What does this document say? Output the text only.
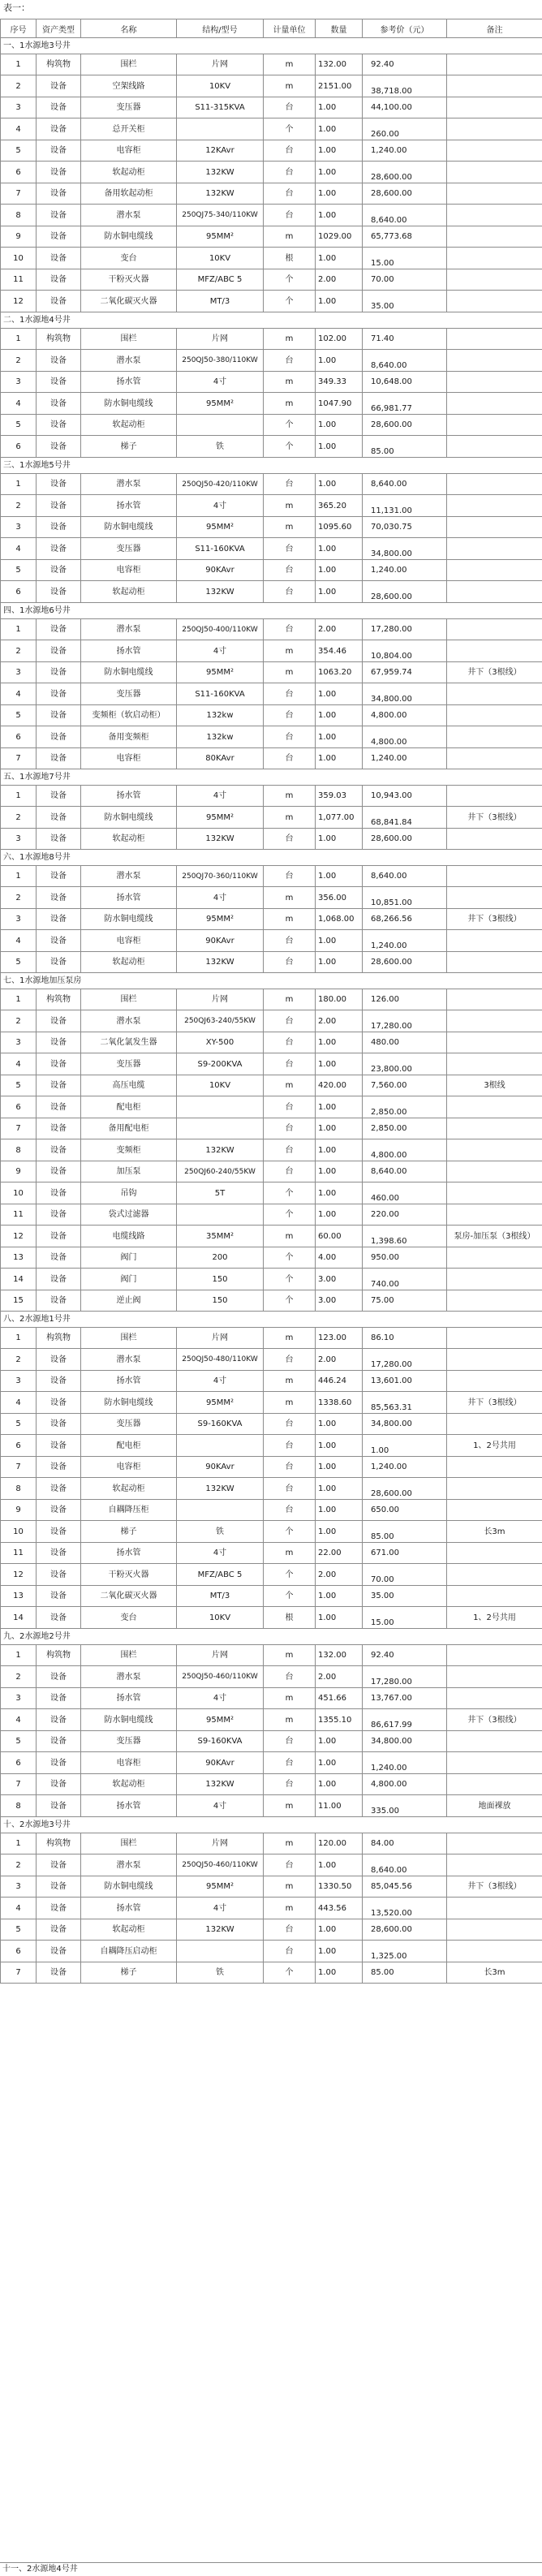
表一：
序号	资产类型	名称	结构/型号	计量单位	数量	参考价（元）	备注
一、1水源地3号井							
1	构筑物	围栏	片网	m	132.00	92.40	
2	设备	空架线路	10KV	m	2151.00	38,718.00	
3	设备	变压器	S11-315KVA	台	1.00	44,100.00	
4	设备	总开关柜		个	1.00	260.00	
5	设备	电容柜	12KAvr	台	1.00	1,240.00	
6	设备	软起动柜	132KW	台	1.00	28,600.00	
7	设备	备用软起动柜	132KW	台	1.00	28,600.00	
8	设备	潜水泵	250QJ75-340/110KW	台	1.00	8,640.00	
9	设备	防水铜电缆线	95MM²	m	1029.00	65,773.68	
10	设备	变台	10KV	根	1.00	15.00	
11	设备	干粉灭火器	MFZ/ABC 5	个	2.00	70.00	
12	设备	二氧化碳灭火器	MT/3	个	1.00	35.00	
二、1水源地4号井							
1	构筑物	围栏	片网	m	102.00	71.40	
2	设备	潜水泵	250QJ50-380/110KW	台	1.00	8,640.00	
3	设备	扬水管	4寸	m	349.33	10,648.00	
4	设备	防水铜电缆线	95MM²	m	1047.90	66,981.77	
5	设备	软起动柜		个	1.00	28,600.00	
6	设备	梯子	铁	个	1.00	85.00	
三、1水源地5号井							
1	设备	潜水泵	250QJ50-420/110KW	台	1.00	8,640.00	
2	设备	扬水管	4寸	m	365.20	11,131.00	
3	设备	防水铜电缆线	95MM²	m	1095.60	70,030.75	
4	设备	变压器	S11-160KVA	台	1.00	34,800.00	
5	设备	电容柜	90KAvr	台	1.00	1,240.00	
6	设备	软起动柜	132KW	台	1.00	28,600.00	
四、1水源地6号井							
1	设备	潜水泵	250QJ50-400/110KW	台	2.00	17,280.00	
2	设备	扬水管	4寸	m	354.46	10,804.00	
3	设备	防水铜电缆线	95MM²	m	1063.20	67,959.74	井下（3根线）
4	设备	变压器	S11-160KVA	台	1.00	34,800.00	
5	设备	变频柜（软启动柜）	132kw	台	1.00	4,800.00	
6	设备	备用变频柜	132kw	台	1.00	4,800.00	
7	设备	电容柜	80KAvr	台	1.00	1,240.00	
五、1水源地7号井							
1	设备	扬水管	4寸	m	359.03	10,943.00	
2	设备	防水铜电缆线	95MM²	m	1,077.00	68,841.84	井下（3根线）
3	设备	软起动柜	132KW	台	1.00	28,600.00	
六、1水源地8号井							
1	设备	潜水泵	250QJ70-360/110KW	台	1.00	8,640.00	
2	设备	扬水管	4寸	m	356.00	10,851.00	
3	设备	防水铜电缆线	95MM²	m	1,068.00	68,266.56	井下（3根线）
4	设备	电容柜	90KAvr	台	1.00	1,240.00	
5	设备	软起动柜	132KW	台	1.00	28,600.00	
七、1水源地加压泵房							
1	构筑物	围栏	片网	m	180.00	126.00	
2	设备	潜水泵	250QJ63-240/55KW	台	2.00	17,280.00	
3	设备	二氧化氯发生器	XY-500	台	1.00	480.00	
4	设备	变压器	S9-200KVA	台	1.00	23,800.00	
5	设备	高压电缆	10KV	m	420.00	7,560.00	3根线
6	设备	配电柜		台	1.00	2,850.00	
7	设备	备用配电柜		台	1.00	2,850.00	
8	设备	变频柜	132KW	台	1.00	4,800.00	
9	设备	加压泵	250QJ60-240/55KW	台	1.00	8,640.00	
10	设备	吊钩	5T	个	1.00	460.00	
11	设备	袋式过滤器		个	1.00	220.00	
12	设备	电缆线路	35MM²	m	60.00	1,398.60	泵房-加压泵（3根线）
13	设备	阀门	200	个	4.00	950.00	
14	设备	阀门	150	个	3.00	740.00	
15	设备	逆止阀	150	个	3.00	75.00	
八、2水源地1号井							
1	构筑物	围栏	片网	m	123.00	86.10	
2	设备	潜水泵	250QJ50-480/110KW	台	2.00	17,280.00	
3	设备	扬水管	4寸	m	446.24	13,601.00	
4	设备	防水铜电缆线	95MM²	m	1338.60	85,563.31	井下（3根线）
5	设备	变压器	S9-160KVA	台	1.00	34,800.00	
6	设备	配电柜		台	1.00	1.00	1、2号共用
7	设备	电容柜	90KAvr	台	1.00	1,240.00	
8	设备	软起动柜	132KW	台	1.00	28,600.00	
9	设备	自耦降压柜		台	1.00	650.00	
10	设备	梯子	铁	个	1.00	85.00	长3m
11	设备	扬水管	4寸	m	22.00	671.00	
12	设备	干粉灭火器	MFZ/ABC 5	个	2.00	70.00	
13	设备	二氧化碳灭火器	MT/3	个	1.00	35.00	
14	设备	变台	10KV	根	1.00	15.00	1、2号共用
九、2水源地2号井							
1	构筑物	围栏	片网	m	132.00	92.40	
2	设备	潜水泵	250QJ50-460/110KW	台	2.00	17,280.00	
3	设备	扬水管	4寸	m	451.66	13,767.00	
4	设备	防水铜电缆线	95MM²	m	1355.10	86,617.99	井下（3根线）
5	设备	变压器	S9-160KVA	台	1.00	34,800.00	
6	设备	电容柜	90KAvr	台	1.00	1,240.00	
7	设备	软起动柜	132KW	台	1.00	4,800.00	
8	设备	扬水管	4寸	m	11.00	335.00	地面裸放
十、2水源地3号井							
1	构筑物	围栏	片网	m	120.00	84.00	
2	设备	潜水泵	250QJ50-460/110KW	台	1.00	8,640.00	
3	设备	防水铜电缆线	95MM²	m	1330.50	85,045.56	井下（3根线）
4	设备	扬水管	4寸	m	443.56	13,520.00	
5	设备	软起动柜	132KW	台	1.00	28,600.00	
6	设备	自耦降压启动柜		台	1.00	1,325.00	
7	设备	梯子	铁	个	1.00	85.00	长3m
十一、2水源地4号井
